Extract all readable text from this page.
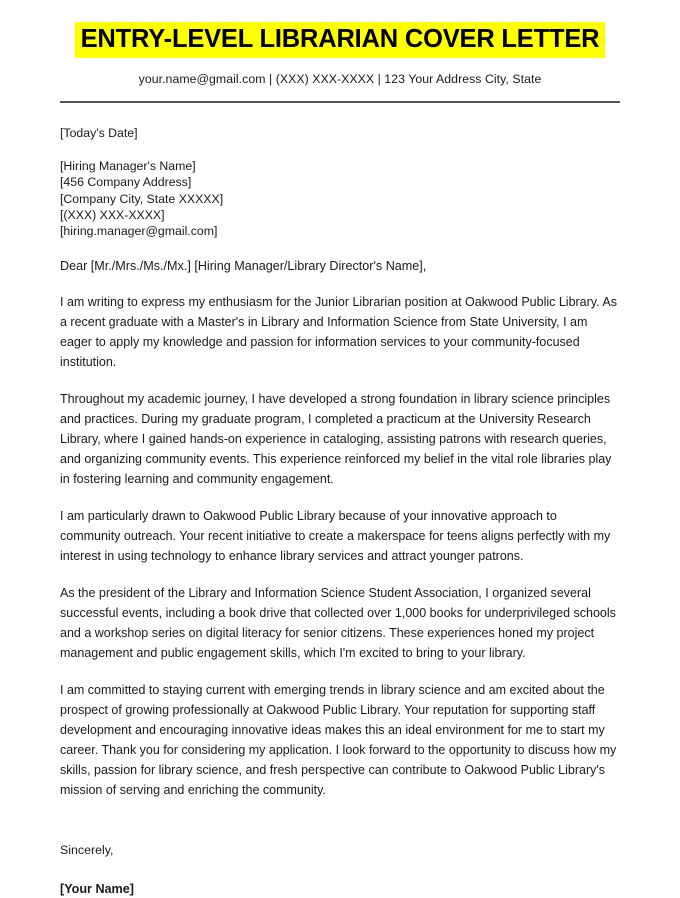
ENTRY-LEVEL LIBRARIAN COVER LETTER

your.name@gmail.com | (XXX) XXX-XXXX | 123 Your Address City, State

[Today's Date]

[Hiring Manager's Name]

[456 Company Address]

[Company City, State XXXXX]

[(XXX) XXX-XXXX]

[hiring.manager@gmail.com]

Dear [Mr./Mrs./Ms./Mx.] [Hiring Manager/Library Director's Name],

I am writing to express my enthusiasm for the Junior Librarian position at Oakwood Public Library. As a recent graduate with a Master's in Library and Information Science from State University, I am eager to apply my knowledge and passion for information services to your community-focused institution.

Throughout my academic journey, I have developed a strong foundation in library science principles and practices. During my graduate program, I completed a practicum at the University Research Library, where I gained hands-on experience in cataloging, assisting patrons with research queries, and organizing community events. This experience reinforced my belief in the vital role libraries play in fostering learning and community engagement.

I am particularly drawn to Oakwood Public Library because of your innovative approach to community outreach. Your recent initiative to create a makerspace for teens aligns perfectly with my interest in using technology to enhance library services and attract younger patrons.

As the president of the Library and Information Science Student Association, I organized several successful events, including a book drive that collected over 1,000 books for underprivileged schools and a workshop series on digital literacy for senior citizens. These experiences honed my project management and public engagement skills, which I'm excited to bring to your library.

I am committed to staying current with emerging trends in library science and am excited about the prospect of growing professionally at Oakwood Public Library. Your reputation for supporting staff development and encouraging innovative ideas makes this an ideal environment for me to start my career. Thank you for considering my application. I look forward to the opportunity to discuss how my skills, passion for library science, and fresh perspective can contribute to Oakwood Public Library's mission of serving and enriching the community.

Sincerely,

[Your Name]
